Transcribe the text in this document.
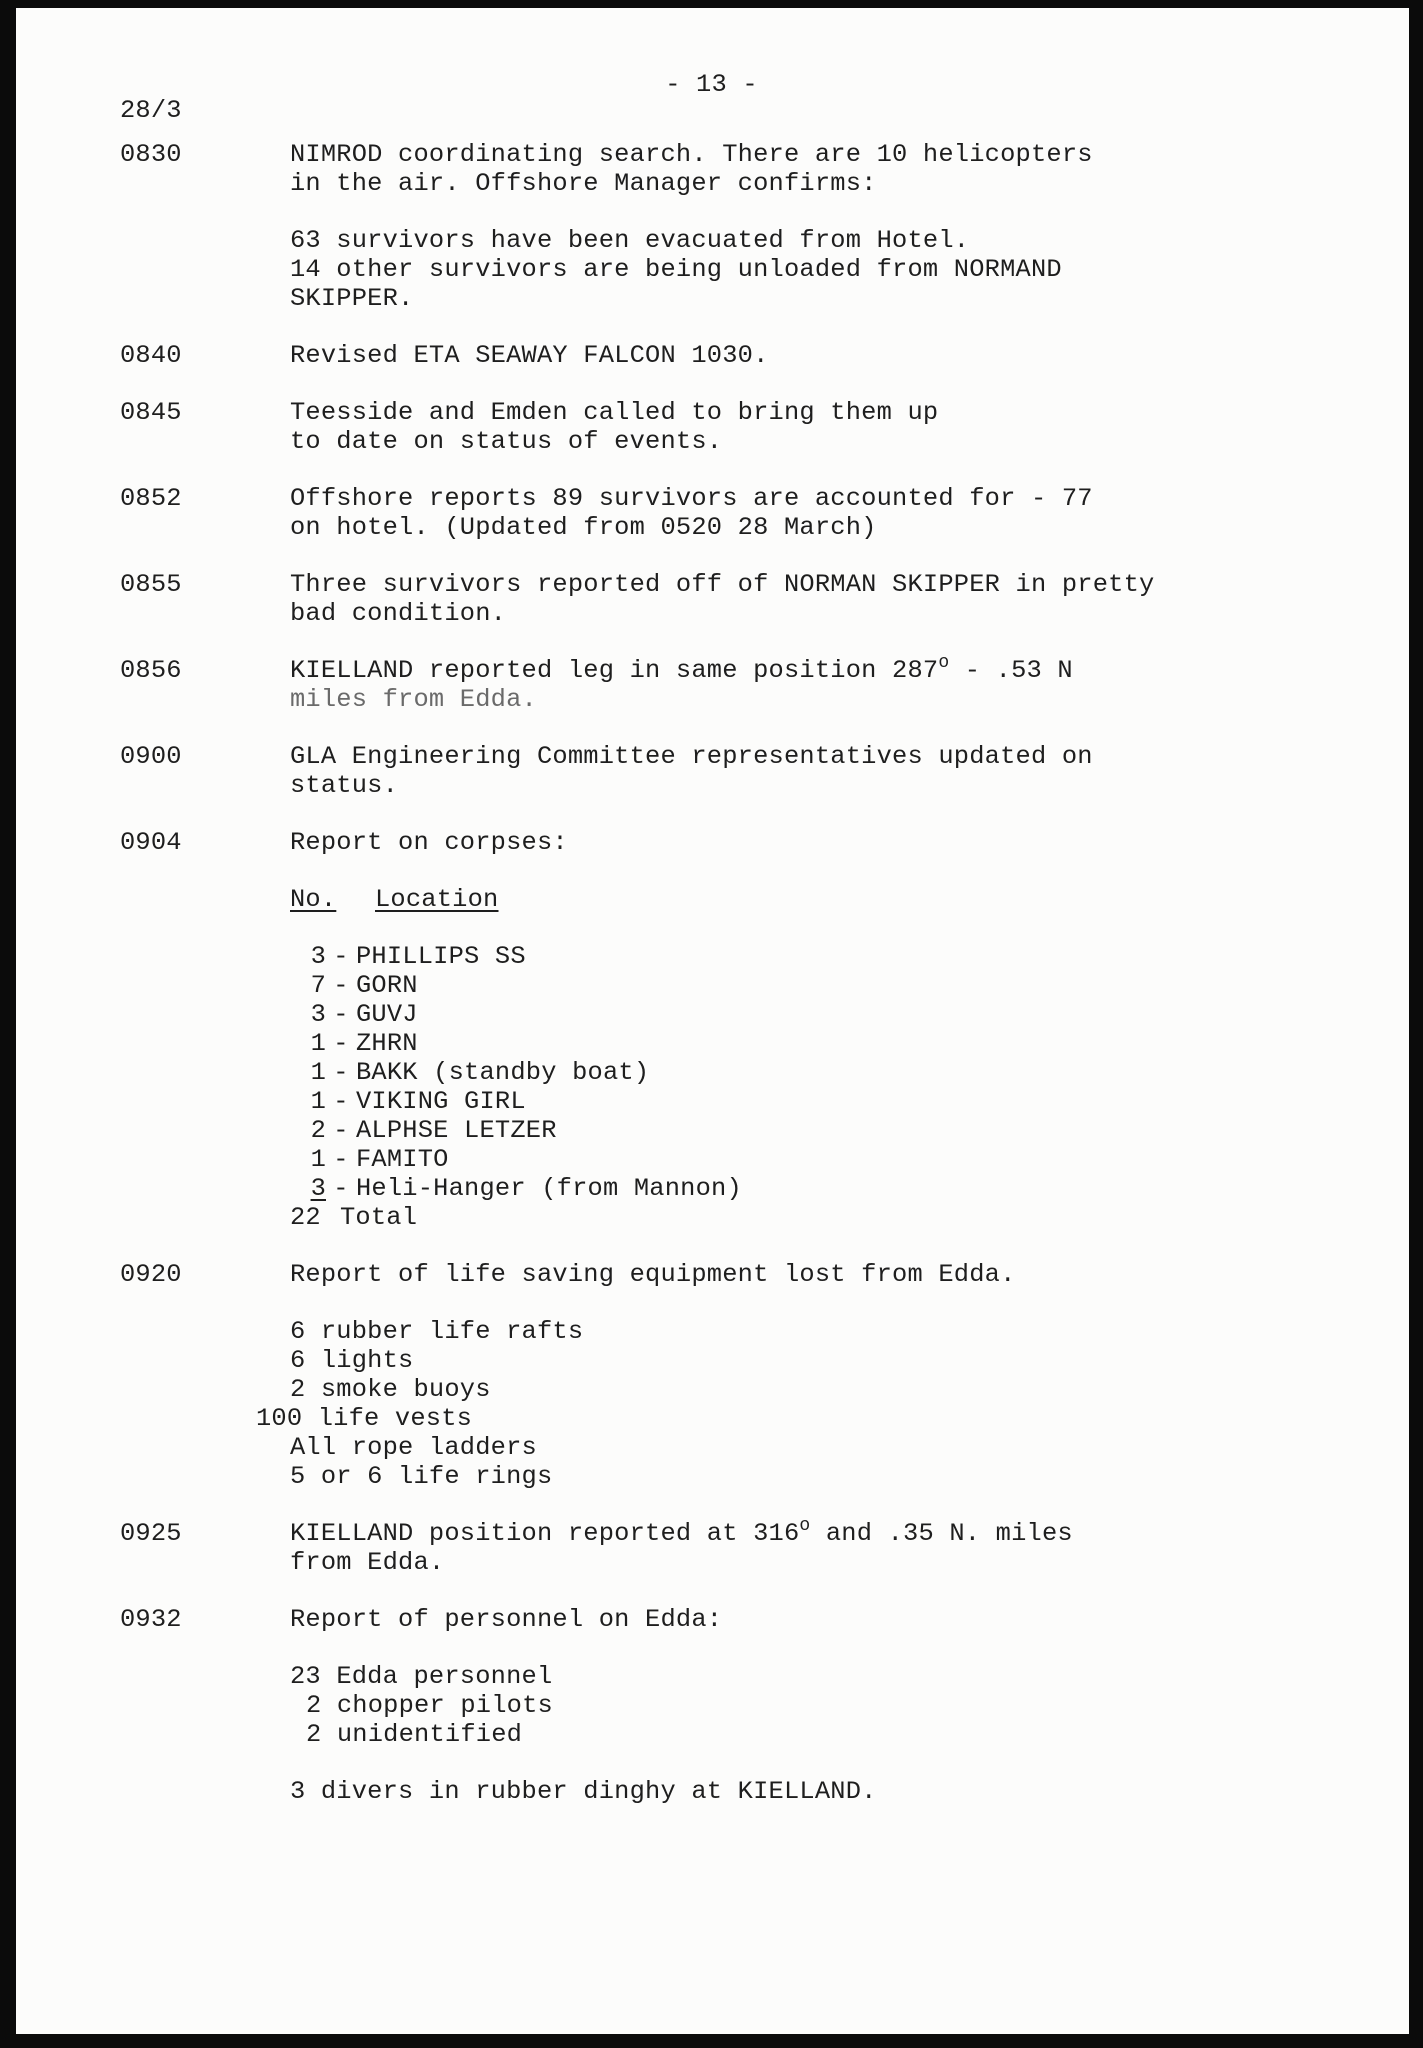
- 13 -
28/3
0830	NIMROD coordinating search. There are 10 helicopters
in the air. Offshore Manager confirms:
63 survivors have been evacuated from Hotel.
14 other survivors are being unloaded from NORMAND
SKIPPER.
0840	Revised ETA SEAWAY FALCON 1030.
0845	Teesside and Emden called to bring them up
to date on status of events.
0852	Offshore reports 89 survivors are accounted for - 77
on hotel. (Updated from 0520 28 March)
0855	Three survivors reported off of NORMAN SKIPPER in pretty
bad condition.
0856	KIELLAND reported leg in same position 287$^o$ - .53 N
miles from Edda.
0900	GLA Engineering Committee representatives updated on
status.
0904	Report on corpses:
No.	Location
3 - PHILLIPS SS
7 - GORN
3 - GUVJ
1 - ZHRN
1 - BAKK (standby boat)
1 - VIKING GIRL
2 - ALPHSE LETZER
1 - FAMITO
3 - Heli-Hanger (from Mannon)
22 Total
0920	Report of life saving equipment lost from Edda.
6 rubber life rafts
6 lights
2 smoke buoys
100 life vests
All rope ladders
5 or 6 life rings
0925	KIELLAND position reported at 316$^o$ and .35 N. miles
from Edda.
0932	Report of personnel on Edda:
23 Edda personnel
2 chopper pilots
2 unidentified
3 divers in rubber dinghy at KIELLAND.
